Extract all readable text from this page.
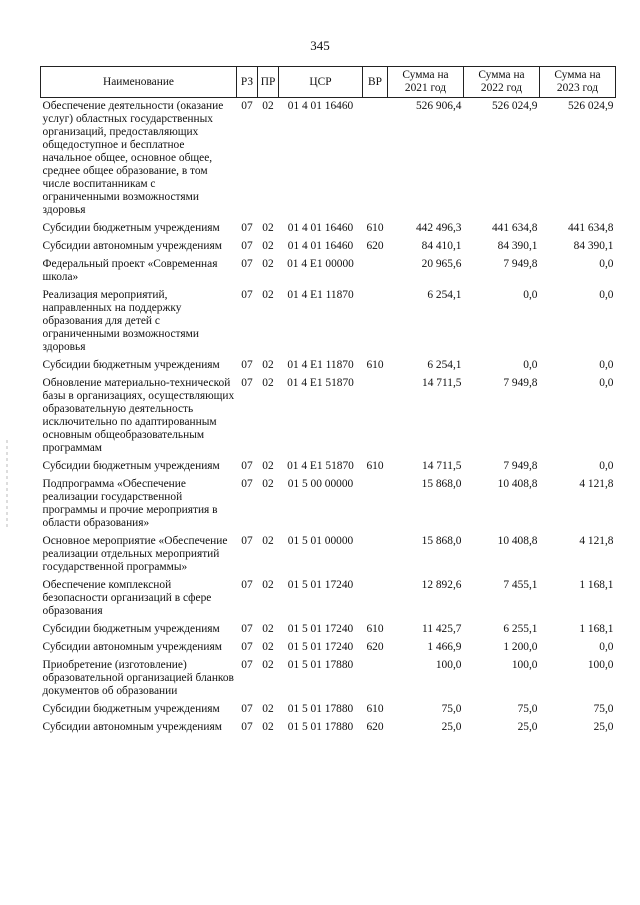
345
Наименование	РЗ	ПР	ЦСР	ВР	Сумма на 2021 год	Сумма на 2022 год	Сумма на 2023 год
Обеспечение деятельности (оказание услуг) областных государственных организаций, предоставляющих общедоступное и бесплатное начальное общее, основное общее, среднее общее образование, в том числе воспитанникам с ограниченными возможностями здоровья	07	02	01 4 01 16460		526 906,4	526 024,9	526 024,9
Субсидии бюджетным учреждениям	07	02	01 4 01 16460	610	442 496,3	441 634,8	441 634,8
Субсидии автономным учреждениям	07	02	01 4 01 16460	620	84 410,1	84 390,1	84 390,1
Федеральный проект «Современная школа»	07	02	01 4 E1 00000		20 965,6	7 949,8	0,0
Реализация мероприятий, направленных на поддержку образования для детей с ограниченными возможностями здоровья	07	02	01 4 E1 11870		6 254,1	0,0	0,0
Субсидии бюджетным учреждениям	07	02	01 4 E1 11870	610	6 254,1	0,0	0,0
Обновление материально-технической базы в организациях, осуществляющих образовательную деятельность исключительно по адаптированным основным общеобразовательным программам	07	02	01 4 E1 51870		14 711,5	7 949,8	0,0
Субсидии бюджетным учреждениям	07	02	01 4 E1 51870	610	14 711,5	7 949,8	0,0
Подпрограмма «Обеспечение реализации государственной программы и прочие мероприятия в области образования»	07	02	01 5 00 00000		15 868,0	10 408,8	4 121,8
Основное мероприятие «Обеспечение реализации отдельных мероприятий государственной программы»	07	02	01 5 01 00000		15 868,0	10 408,8	4 121,8
Обеспечение комплексной безопасности организаций в сфере образования	07	02	01 5 01 17240		12 892,6	7 455,1	1 168,1
Субсидии бюджетным учреждениям	07	02	01 5 01 17240	610	11 425,7	6 255,1	1 168,1
Субсидии автономным учреждениям	07	02	01 5 01 17240	620	1 466,9	1 200,0	0,0
Приобретение (изготовление) образовательной организацией бланков документов об образовании	07	02	01 5 01 17880		100,0	100,0	100,0
Субсидии бюджетным учреждениям	07	02	01 5 01 17880	610	75,0	75,0	75,0
Субсидии автономным учреждениям	07	02	01 5 01 17880	620	25,0	25,0	25,0
